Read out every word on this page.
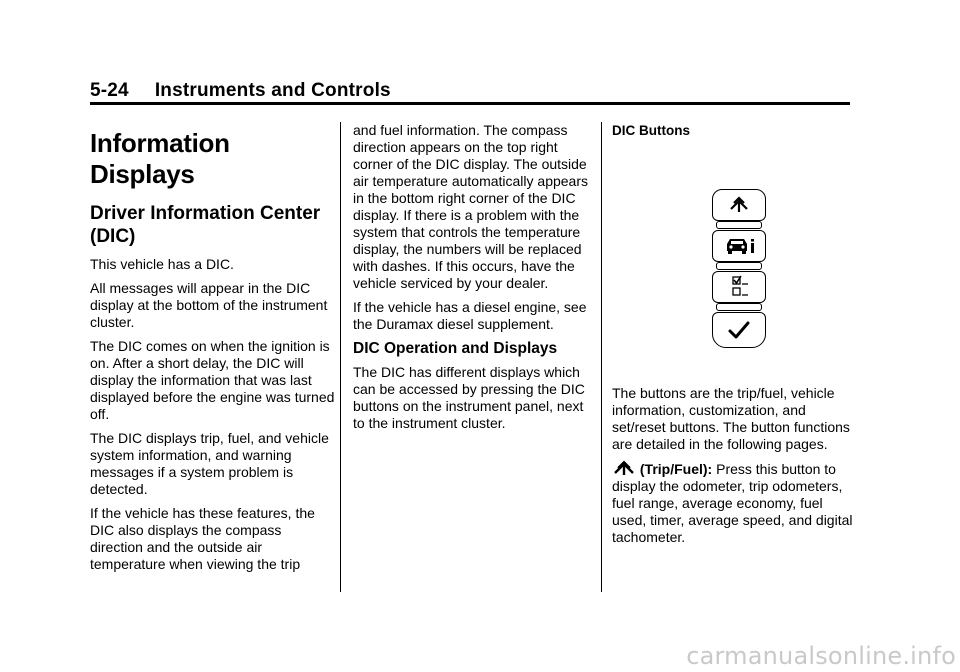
5-24 Instruments and Controls
Information Displays
Driver Information Center (DIC)

This vehicle has a DIC.

All messages will appear in the DIC display at the bottom of the instrument cluster.

The DIC comes on when the ignition is on. After a short delay, the DIC will display the information that was last displayed before the engine was turned off.

The DIC displays trip, fuel, and vehicle system information, and warning messages if a system problem is detected.

If the vehicle has these features, the DIC also displays the compass direction and the outside air temperature when viewing the trip

and fuel information. The compass direction appears on the top right corner of the DIC display. The outside air temperature automatically appears in the bottom right corner of the DIC display. If there is a problem with the system that controls the temperature display, the numbers will be replaced with dashes. If this occurs, have the vehicle serviced by your dealer.

If the vehicle has a diesel engine, see the Duramax diesel supplement.

DIC Operation and Displays

The DIC has different displays which can be accessed by pressing the DIC buttons on the instrument panel, next to the instrument cluster.

DIC Buttons

The buttons are the trip/fuel, vehicle information, customization, and set/reset buttons. The button functions are detailed in the following pages.

(Trip/Fuel): Press this button to display the odometer, trip odometers, fuel range, average economy, fuel used, timer, average speed, and digital tachometer.

carmanualsonline.info
